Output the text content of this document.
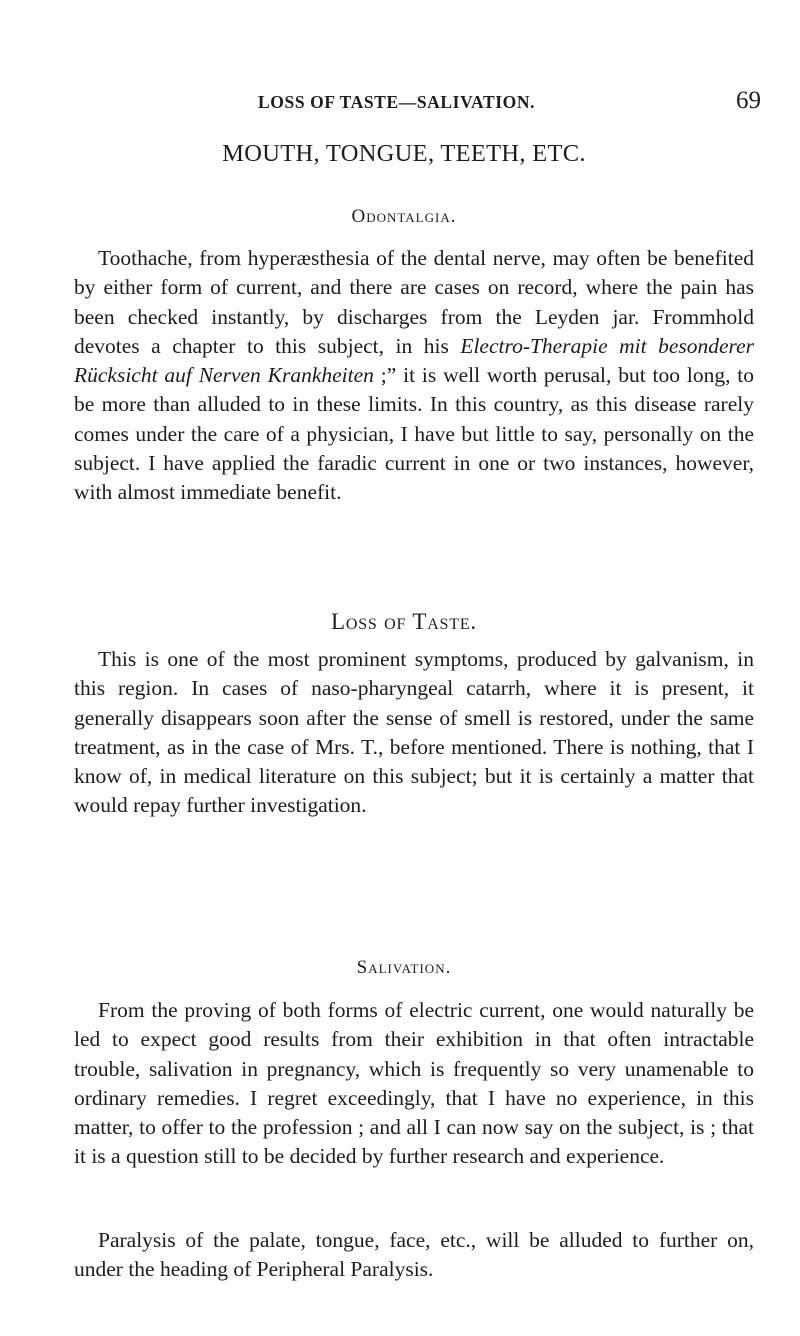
LOSS OF TASTE—SALIVATION.	69
MOUTH, TONGUE, TEETH, ETC.
Odontalgia.

Toothache, from hyperæsthesia of the dental nerve, may often be benefited by either form of current, and there are cases on record, where the pain has been checked instantly, by discharges from the Leyden jar. Frommhold devotes a chapter to this subject, in his Electro-Therapie mit besonderer Rücksicht auf Nerven Krankheiten ;” it is well worth perusal, but too long, to be more than alluded to in these limits. In this country, as this disease rarely comes under the care of a physician, I have but little to say, personally on the subject. I have applied the faradic current in one or two instances, however, with almost immediate benefit.

Loss of Taste.

This is one of the most prominent symptoms, produced by galvanism, in this region. In cases of naso-pharyngeal catarrh, where it is present, it generally disappears soon after the sense of smell is restored, under the same treatment, as in the case of Mrs. T., before mentioned. There is nothing, that I know of, in medical literature on this subject; but it is certainly a matter that would repay further investigation.

Salivation.

From the proving of both forms of electric current, one would naturally be led to expect good results from their exhibition in that often intractable trouble, salivation in pregnancy, which is frequently so very unamenable to ordinary remedies. I regret exceedingly, that I have no experience, in this matter, to offer to the profession ; and all I can now say on the subject, is ; that it is a question still to be decided by further research and experience.

Paralysis of the palate, tongue, face, etc., will be alluded to further on, under the heading of Peripheral Paralysis.
